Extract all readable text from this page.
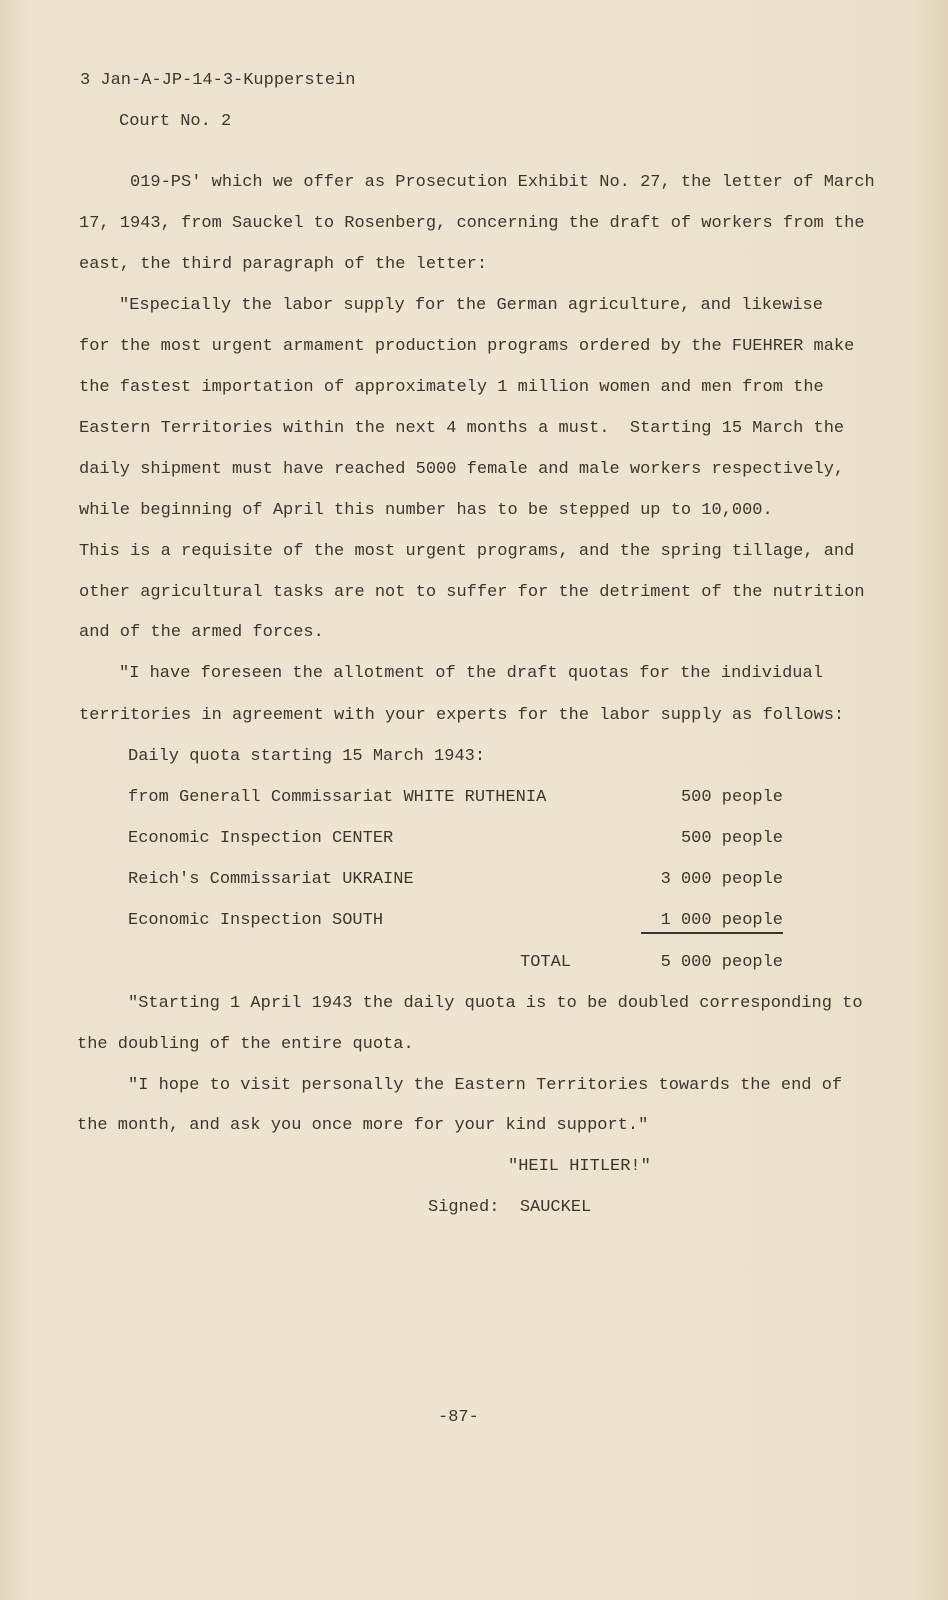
3 Jan-A-JP-14-3-Kupperstein
Court No. 2
019-PS' which we offer as Prosecution Exhibit No. 27, the letter of March
17, 1943, from Sauckel to Rosenberg, concerning the draft of workers from the
east, the third paragraph of the letter:
"Especially the labor supply for the German agriculture, and likewise
for the most urgent armament production programs ordered by the FUEHRER make
the fastest importation of approximately 1 million women and men from the
Eastern Territories within the next 4 months a must.  Starting 15 March the
daily shipment must have reached 5000 female and male workers respectively,
while beginning of April this number has to be stepped up to 10,000.
This is a requisite of the most urgent programs, and the spring tillage, and
other agricultural tasks are not to suffer for the detriment of the nutrition
and of the armed forces.
"I have foreseen the allotment of the draft quotas for the individual
territories in agreement with your experts for the labor supply as follows:
Daily quota starting 15 March 1943:
from Generall Commissariat WHITE RUTHENIA	500 people
Economic Inspection CENTER	500 people
Reich's Commissariat UKRAINE	3 000 people
Economic Inspection SOUTH	1 000 people
TOTAL	5 000 people
"Starting 1 April 1943 the daily quota is to be doubled corresponding to
the doubling of the entire quota.
"I hope to visit personally the Eastern Territories towards the end of
the month, and ask you once more for your kind support."
"HEIL HITLER!"
Signed:  SAUCKEL
-87-
